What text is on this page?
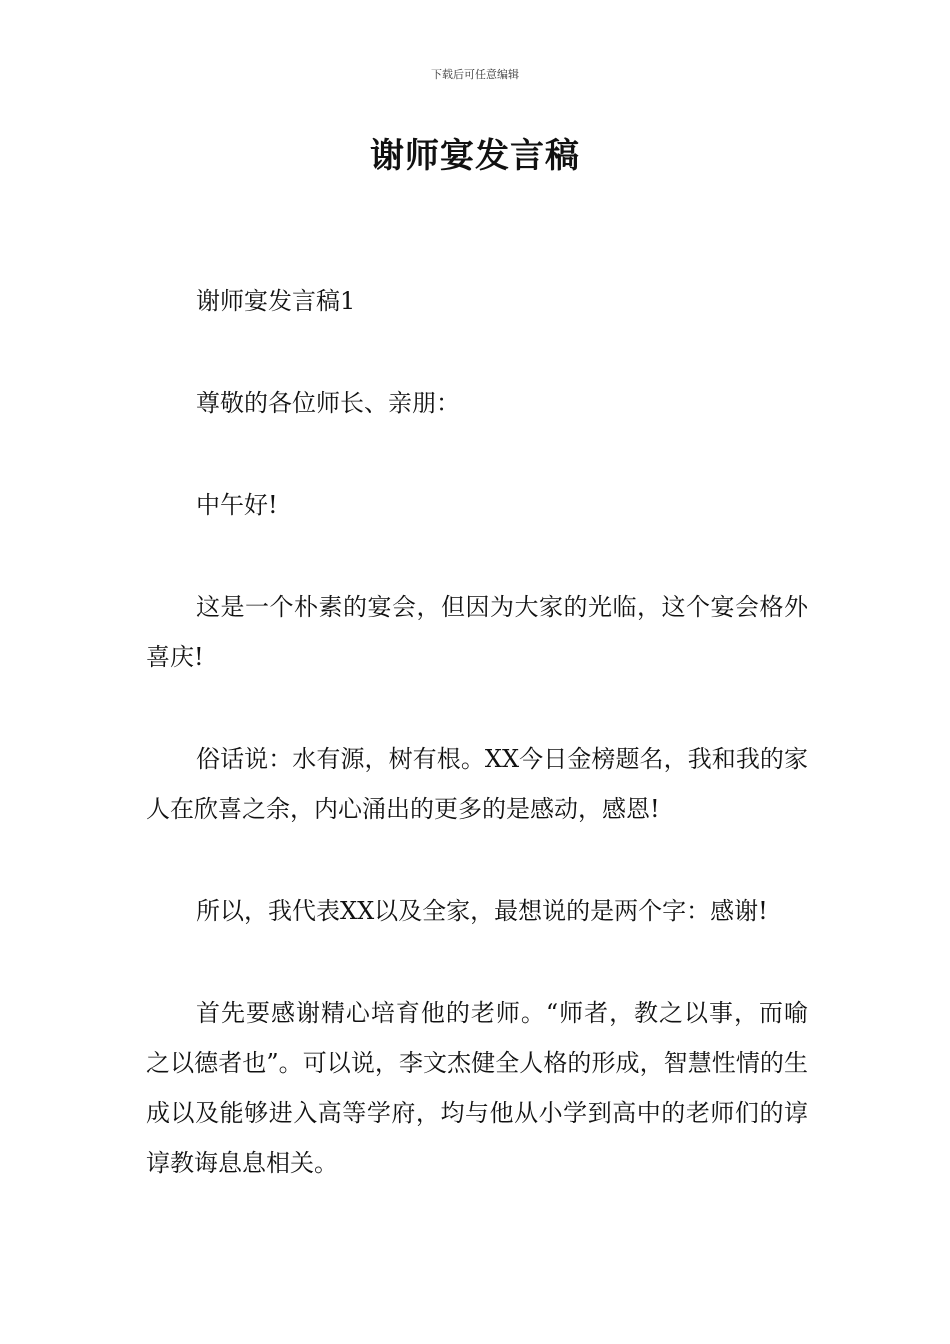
下载后可任意编辑
谢师宴发言稿

谢师宴发言稿1

尊敬的各位师长、亲朋：

中午好!

这是一个朴素的宴会，但因为大家的光临，这个宴会格外喜庆!

俗话说：水有源，树有根。XX今日金榜题名，我和我的家人在欣喜之余，内心涌出的更多的是感动，感恩!

所以，我代表XX以及全家，最想说的是两个字：感谢!

首先要感谢精心培育他的老师。“师者，教之以事，而喻之以德者也”。可以说，李文杰健全人格的形成，智慧性情的生成以及能够进入高等学府，均与他从小学到高中的老师们的谆谆教诲息息相关。
